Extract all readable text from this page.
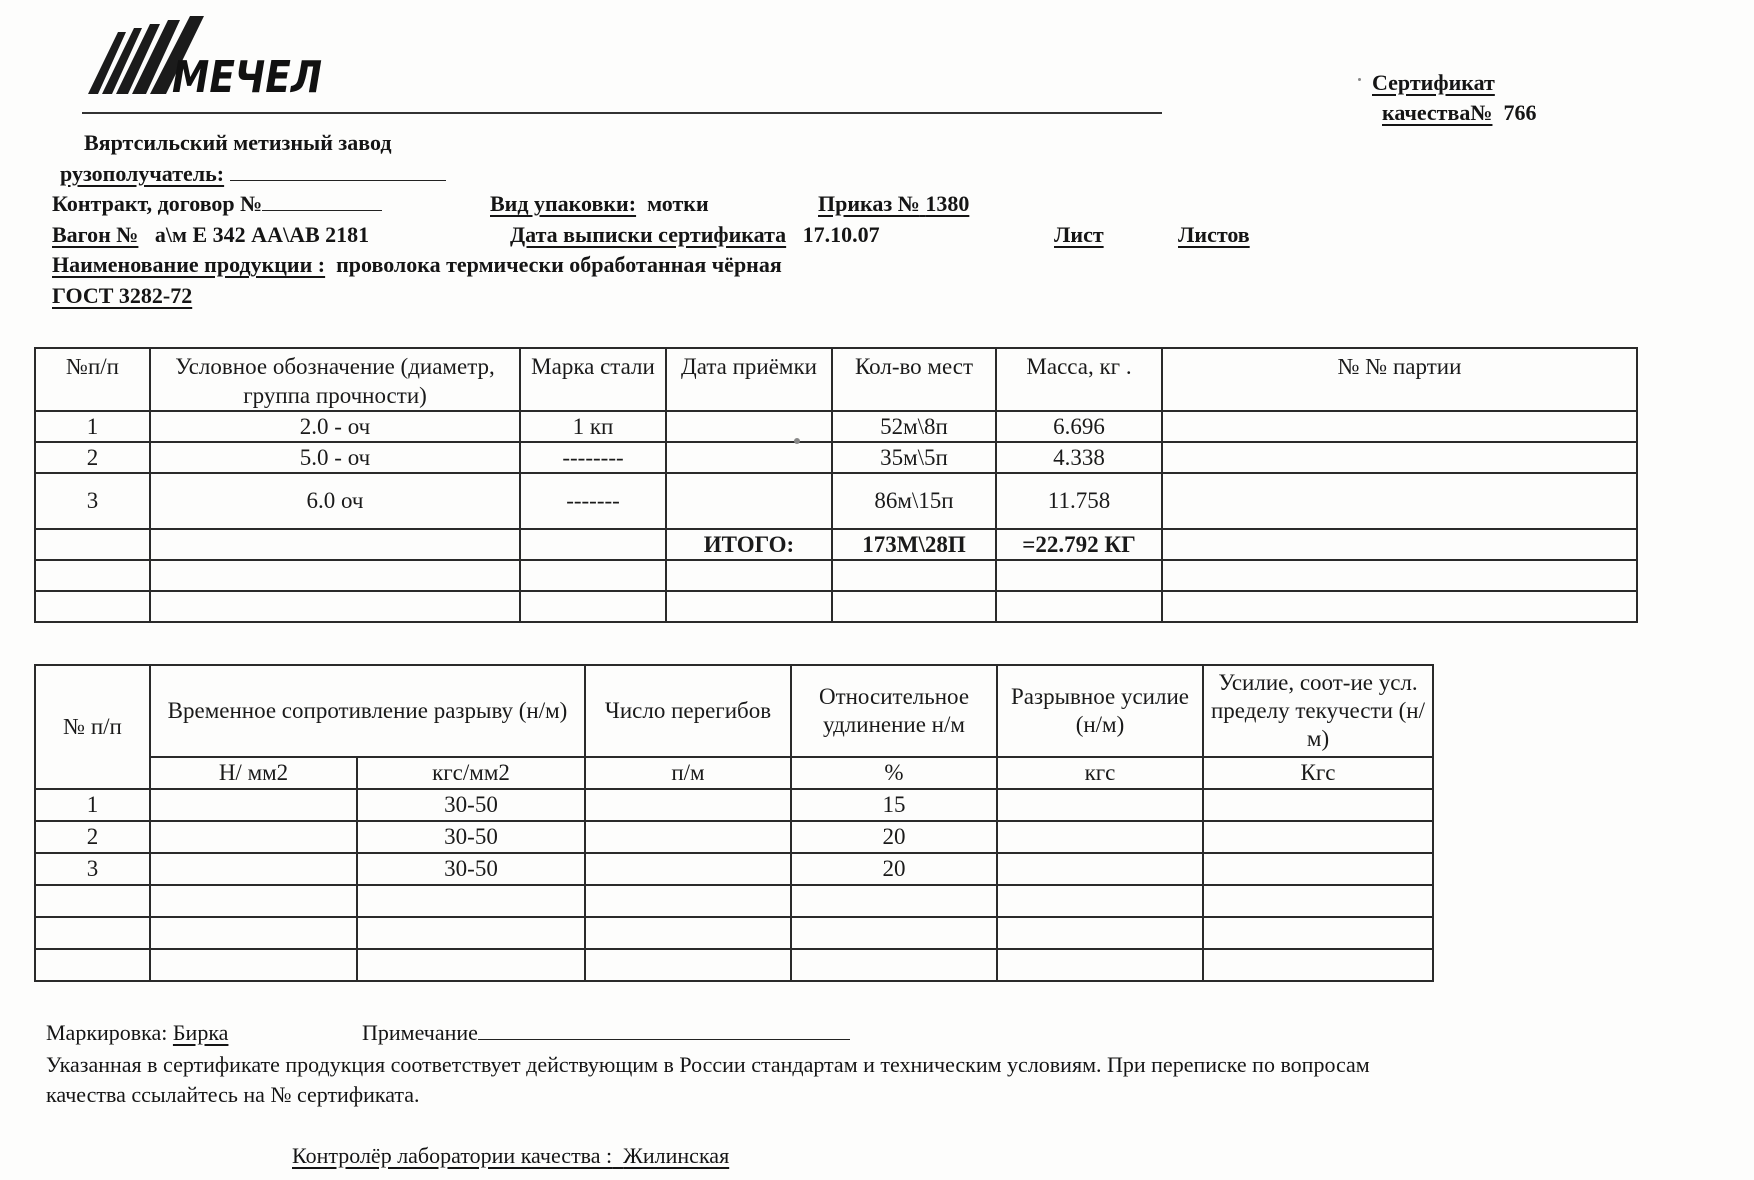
МЕЧЕЛ	Сертификат
качества№ 766
Вяртсильский метизный завод
рузополучатель:
Контракт, договор №	Вид упаковки: мотки	Приказ № 1380
Вагон № а\м Е 342 АА\АВ 2181	Дата выписки сертификата 17.10.07	Лист	Листов
Наименование продукции : проволока термически обработанная чёрная
ГОСТ 3282-72
№п/п	Условное обозначение (диаметр, группа прочности)	Марка стали	Дата приёмки	Кол-во мест	Масса, кг .	№ № партии
1	2.0 - оч	1 кп		52м\8п	6.696	
2	5.0 - оч	--------		35м\5п	4.338	
3	6.0 оч	-------		86м\15п	11.758	
			ИТОГО:	173М\28П	=22.792 КГ	

№ п/п	Временное сопротивление разрыву (н/м)	Число перегибов	Относительное удлинение н/м	Разрывное усилие (н/м)	Усилие, соот-ие усл. пределу текучести (н/м)
Н/ мм2	кгс/мм2	п/м	%	кгс	Кгс
1		30-50		15		
2		30-50		20		
3		30-50		20		

Маркировка: Бирка	Примечание
Указанная в сертификате продукция соответствует действующим в России стандартам и техническим условиям. При переписке по вопросам
качества ссылайтесь на № сертификата.
Контролёр лаборатории качества : Жилинская
